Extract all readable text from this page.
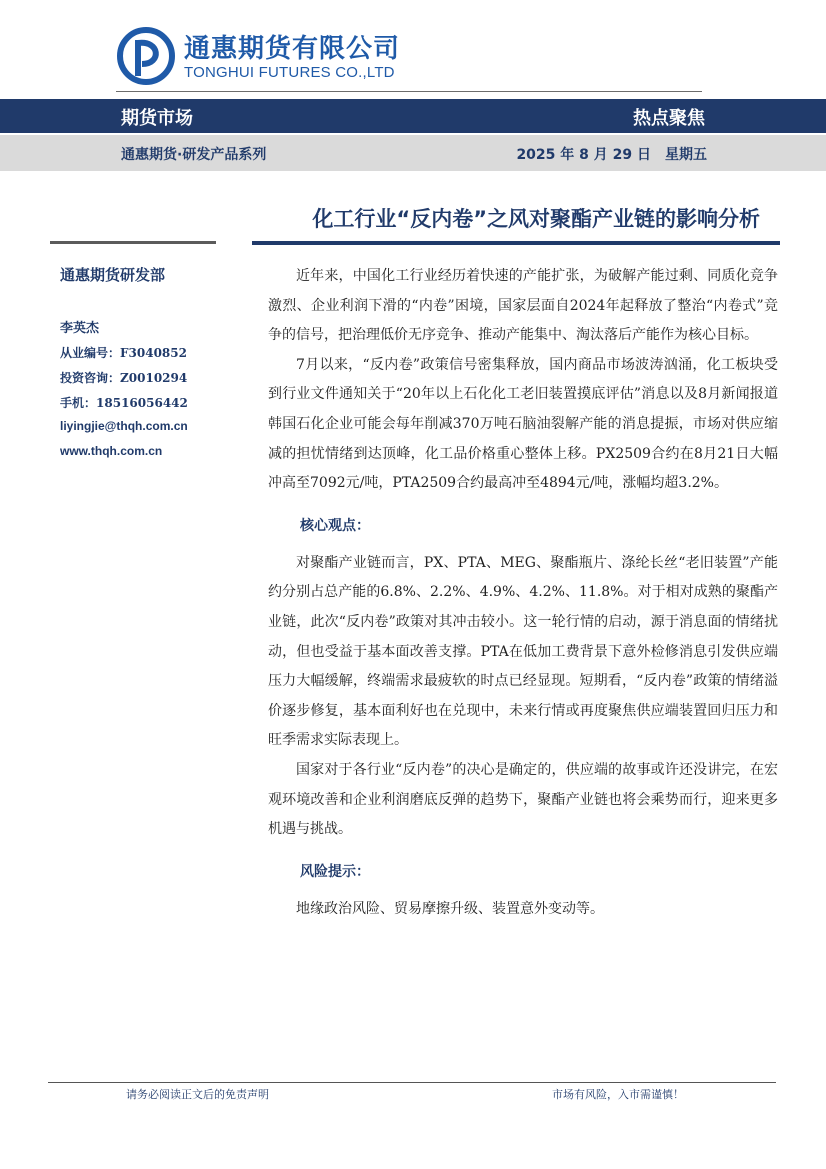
通惠期货有限公司
TONGHUI FUTURES CO.,LTD
期货市场	热点聚焦
通惠期货·研发产品系列	2025 年 8 月 29 日 星期五
化工行业“反内卷”之风对聚酯产业链的影响分析
通惠期货研发部
李英杰
从业编号：F3040852
投资咨询：Z0010294
手机：18516056442
liyingjie@thqh.com.cn
www.thqh.com.cn

近年来，中国化工行业经历着快速的产能扩张，为破解产能过剩、同质化竞争激烈、企业利润下滑的“内卷”困境，国家层面自2024年起释放了整治“内卷式”竞争的信号，把治理低价无序竞争、推动产能集中、淘汰落后产能作为核心目标。

7月以来，“反内卷”政策信号密集释放，国内商品市场波涛汹涌，化工板块受到行业文件通知关于“20年以上石化化工老旧装置摸底评估”消息以及8月新闻报道韩国石化企业可能会每年削减370万吨石脑油裂解产能的消息提振，市场对供应缩减的担忧情绪到达顶峰，化工品价格重心整体上移。PX2509合约在8月21日大幅冲高至7092元/吨，PTA2509合约最高冲至4894元/吨，涨幅均超3.2%。

核心观点：

对聚酯产业链而言，PX、PTA、MEG、聚酯瓶片、涤纶长丝“老旧装置”产能约分别占总产能的6.8%、2.2%、4.9%、4.2%、11.8%。对于相对成熟的聚酯产业链，此次“反内卷”政策对其冲击较小。这一轮行情的启动，源于消息面的情绪扰动，但也受益于基本面改善支撑。PTA在低加工费背景下意外检修消息引发供应端压力大幅缓解，终端需求最疲软的时点已经显现。短期看，“反内卷”政策的情绪溢价逐步修复，基本面利好也在兑现中，未来行情或再度聚焦供应端装置回归压力和旺季需求实际表现上。

国家对于各行业“反内卷”的决心是确定的，供应端的故事或许还没讲完，在宏观环境改善和企业利润磨底反弹的趋势下，聚酯产业链也将会乘势而行，迎来更多机遇与挑战。

风险提示：

地缘政治风险、贸易摩擦升级、装置意外变动等。

请务必阅读正文后的免责声明	市场有风险，入市需谨慎！
